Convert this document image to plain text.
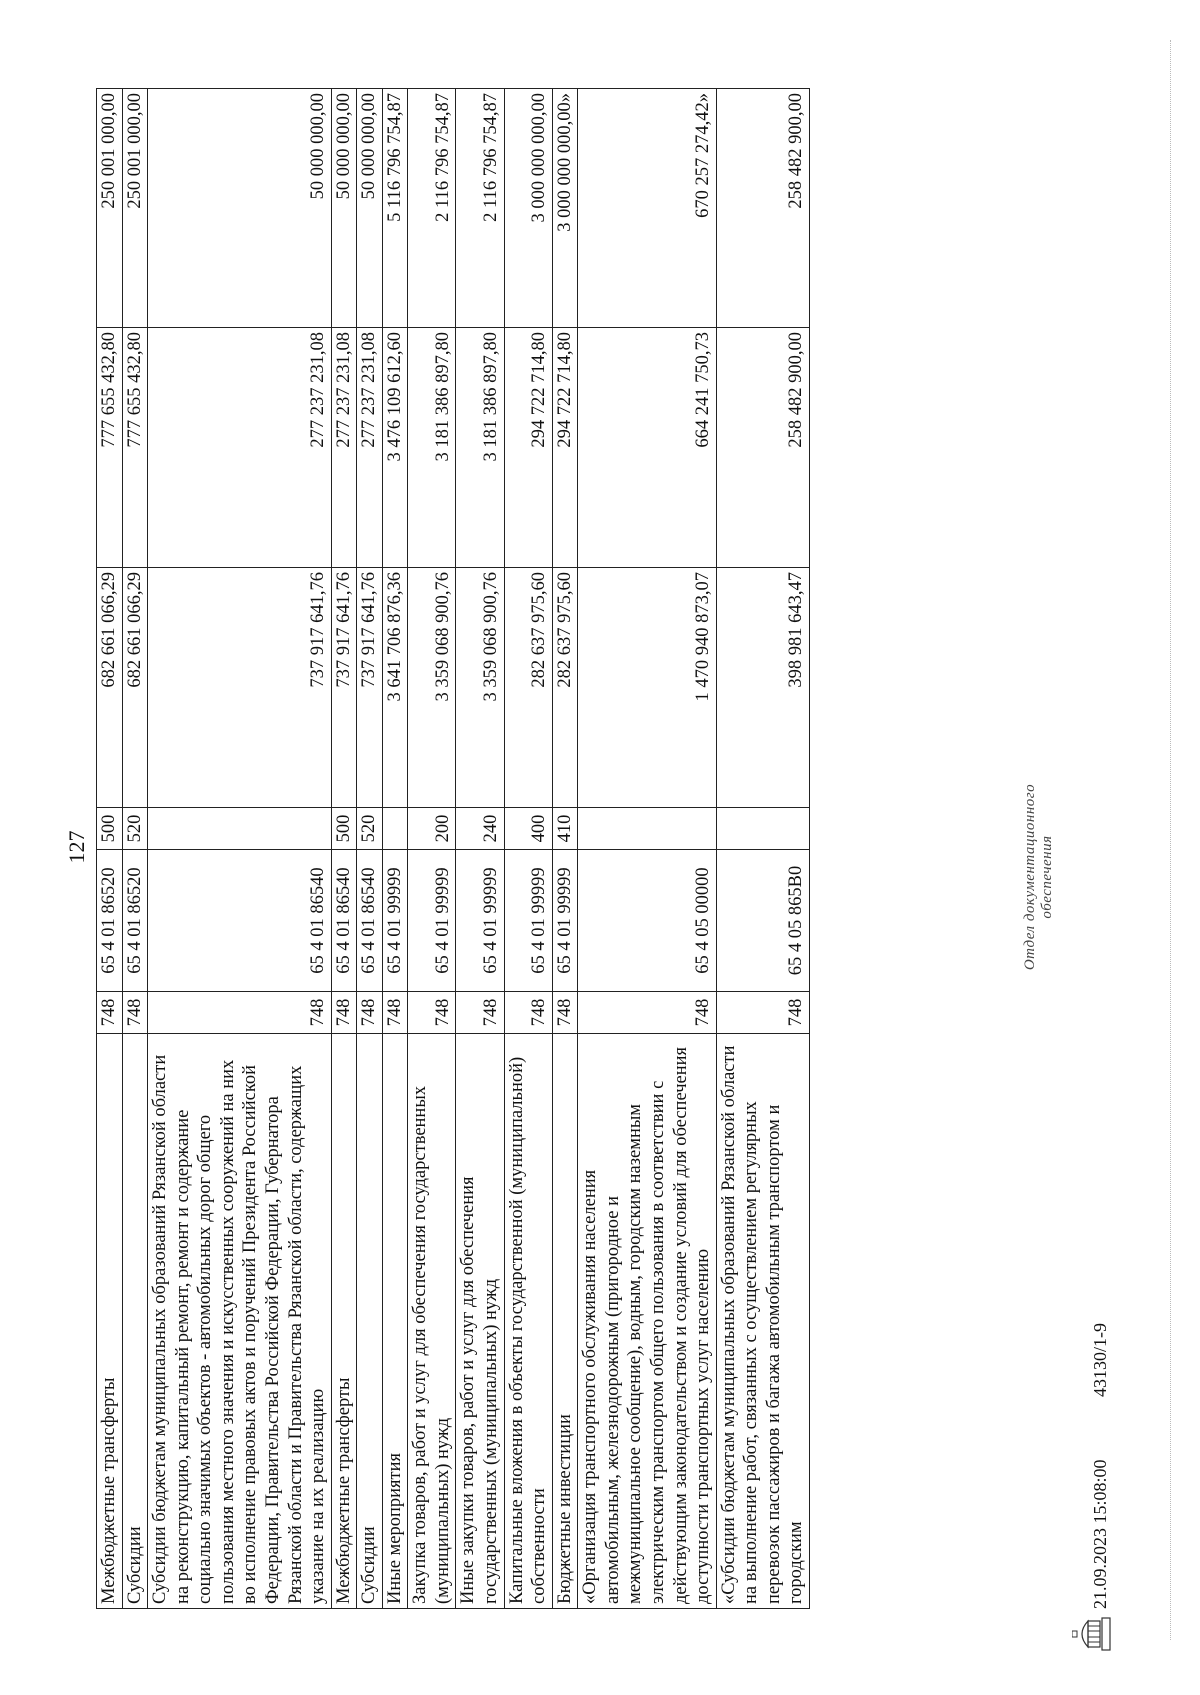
127
Межбюджетные трансферты	748	65 4 01 86520	500	682 661 066,29	777 655 432,80	250 001 000,00
Субсидии	748	65 4 01 86520	520	682 661 066,29	777 655 432,80	250 001 000,00
Субсидии бюджетам муниципальных образований Рязанской области на реконструкцию, капитальный ремонт, ремонт и содержание социально значимых объектов - автомобильных дорог общего пользования местного значения и искусственных сооружений на них во исполнение правовых актов и поручений Президента Российской Федерации, Правительства Российской Федерации, Губернатора Рязанской области и Правительства Рязанской области, содержащих указание на их реализацию	748	65 4 01 86540		737 917 641,76	277 237 231,08	50 000 000,00
Межбюджетные трансферты	748	65 4 01 86540	500	737 917 641,76	277 237 231,08	50 000 000,00
Субсидии	748	65 4 01 86540	520	737 917 641,76	277 237 231,08	50 000 000,00
Иные мероприятия	748	65 4 01 99999		3 641 706 876,36	3 476 109 612,60	5 116 796 754,87
Закупка товаров, работ и услуг для обеспечения государственных (муниципальных) нужд	748	65 4 01 99999	200	3 359 068 900,76	3 181 386 897,80	2 116 796 754,87
Иные закупки товаров, работ и услуг для обеспечения государственных (муниципальных) нужд	748	65 4 01 99999	240	3 359 068 900,76	3 181 386 897,80	2 116 796 754,87
Капитальные вложения в объекты государственной (муниципальной) собственности	748	65 4 01 99999	400	282 637 975,60	294 722 714,80	3 000 000 000,00
Бюджетные инвестиции	748	65 4 01 99999	410	282 637 975,60	294 722 714,80	3 000 000 000,00»
«Организация транспортного обслуживания населения автомобильным, железнодорожным (пригородное и межмуниципальное сообщение), водным, городским наземным электрическим транспортом общего пользования в соответствии с действующим законодательством и создание условий для обеспечения доступности транспортных услуг населению	748	65 4 05 00000		1 470 940 873,07	664 241 750,73	670 257 274,42»
«Субсидии бюджетам муниципальных образований Рязанской области на выполнение работ, связанных с осуществлением регулярных перевозок пассажиров и багажа автомобильным транспортом и городским	748	65 4 05 865В0		398 981 643,47	258 482 900,00	258 482 900,00
21.09.2023 15:08:00
43130/1-9
Отдел документационного обеспечения
